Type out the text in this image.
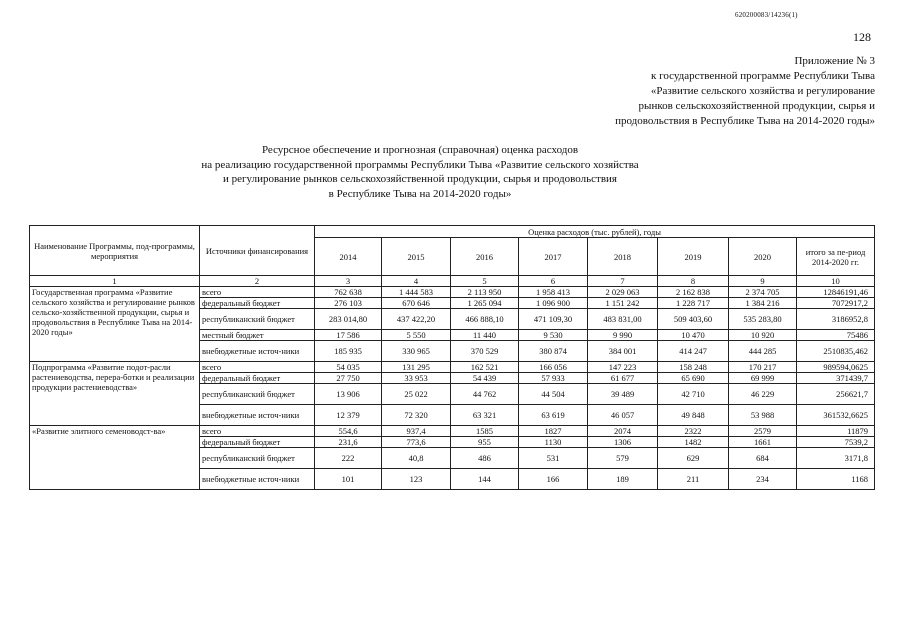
620200083/14236(1)
128
Приложение № 3
к государственной программе Республики Тыва
«Развитие сельского хозяйства и регулирование
рынков сельскохозяйственной продукции, сырья и
продовольствия в Республике Тыва на 2014-2020 годы»
Ресурсное обеспечение и прогнозная (справочная) оценка расходов
на реализацию государственной программы Республики Тыва «Развитие сельского хозяйства
и регулирование рынков сельскохозяйственной продукции, сырья и продовольствия
в Республике Тыва на 2014-2020 годы»
Наименование Программы, под-программы, мероприятия	Источники финансирования	Оценка расходов (тыс. рублей), годы							
		2014	2015	2016	2017	2018	2019	2020	итого за пе-риод 2014-2020 гг.
1	2	3	4	5	6	7	8	9	10
Государственная программа «Развитие сельского хозяйства и регулирование рынков сельско-хозяйственной продукции, сырья и продовольствия в Республике Тыва на 2014-2020 годы»	всего	762 638	1 444 583	2 113 950	1 958 413	2 029 063	2 162 838	2 374 705	12846191,46
	федеральный бюджет	276 103	670 646	1 265 094	1 096 900	1 151 242	1 228 717	1 384 216	7072917,2
	республиканский бюджет	283 014,80	437 422,20	466 888,10	471 109,30	483 831,00	509 403,60	535 283,80	3186952,8
	местный бюджет	17 586	5 550	11 440	9 530	9 990	10 470	10 920	75486
	внебюджетные источ-ники	185 935	330 965	370 529	380 874	384 001	414 247	444 285	2510835,462
Подпрограмма «Развитие подот-расли растениеводства, перера-ботки и реализации продукции растениеводства»	всего	54 035	131 295	162 521	166 056	147 223	158 248	170 217	989594,0625
	федеральный бюджет	27 750	33 953	54 439	57 933	61 677	65 690	69 999	371439,7
	республиканский бюджет	13 906	25 022	44 762	44 504	39 489	42 710	46 229	256621,7
	внебюджетные источ-ники	12 379	72 320	63 321	63 619	46 057	49 848	53 988	361532,6625
«Развитие элитного семеноводст-ва»	всего	554,6	937,4	1585	1827	2074	2322	2579	11879
	федеральный бюджет	231,6	773,6	955	1130	1306	1482	1661	7539,2
	республиканский бюджет	222	40,8	486	531	579	629	684	3171,8
	внебюджетные источ-ники	101	123	144	166	189	211	234	1168
